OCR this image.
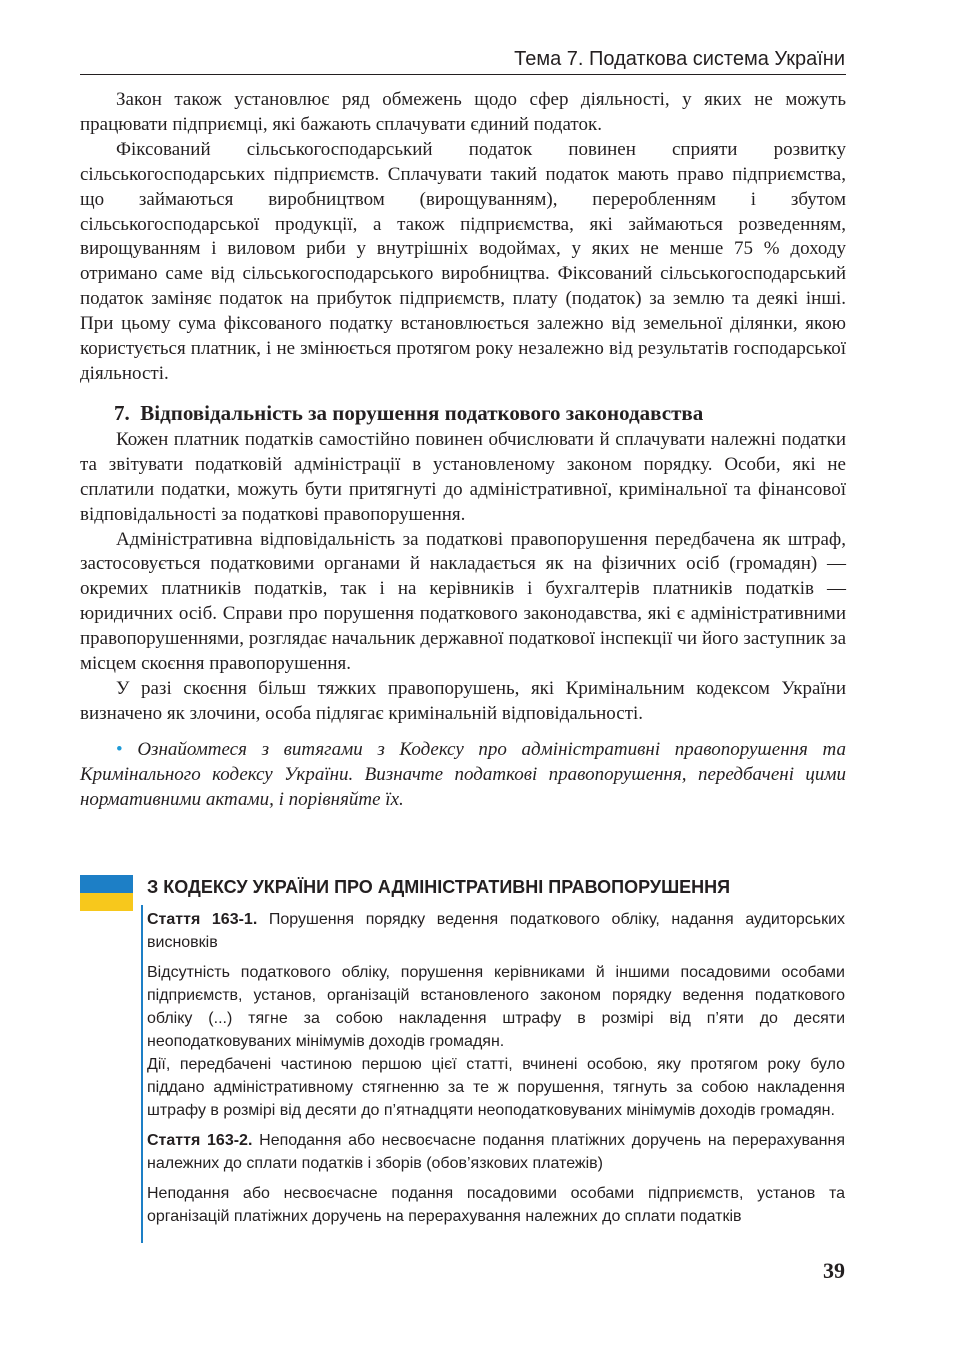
Тема 7. Податкова система України

Закон також установлює ряд обмежень щодо сфер діяльності, у яких не можуть працювати підприємці, які бажають сплачувати єдиний податок.

Фіксований сільськогосподарський податок повинен сприяти розвитку сільськогосподарських підприємств. Сплачувати такий податок мають право підприємства, що займаються виробництвом (вирощуванням), переробленням і збутом сільськогосподарської продукції, а також підприємства, які займаються розведенням, вирощуванням і виловом риби у внутрішніх водоймах, у яких не менше 75 % доходу отримано саме від сільськогосподарського виробництва. Фіксований сільськогосподарський податок заміняє податок на прибуток підприємств, плату (податок) за землю та деякі інші. При цьому сума фіксованого податку встановлюється залежно від земельної ділянки, якою користується платник, і не змінюється протягом року незалежно від результатів господарської діяльності.

7. Відповідальність за порушення податкового законодавства

Кожен платник податків самостійно повинен обчислювати й сплачувати належні податки та звітувати податковій адміністрації в установленому законом порядку. Особи, які не сплатили податки, можуть бути притягнуті до адміністративної, кримінальної та фінансової відповідальності за податкові правопорушення.

Адміністративна відповідальність за податкові правопорушення передбачена як штраф, застосовується податковими органами й накладається як на фізичних осіб (громадян) — окремих платників податків, так і на керівників і бухгалтерів платників податків — юридичних осіб. Справи про порушення податкового законодавства, які є адміністративними правопорушеннями, розглядає начальник державної податкової інспекції чи його заступник за місцем скоєння правопорушення.

У разі скоєння більш тяжких правопорушень, які Кримінальним кодексом України визначено як злочини, особа підлягає кримінальній відповідальності.

• Ознайомтеся з витягами з Кодексу про адміністративні правопорушення та Кримінального кодексу України. Визначте податкові правопорушення, передбачені цими нормативними актами, і порівняйте їх.

З КОДЕКСУ УКРАЇНИ ПРО АДМІНІСТРАТИВНІ ПРАВОПОРУШЕННЯ

Стаття 163-1. Порушення порядку ведення податкового обліку, надання аудиторських висновків

Відсутність податкового обліку, порушення керівниками й іншими посадовими особами підприємств, установ, організацій встановленого законом порядку ведення податкового обліку (...) тягне за собою накладення штрафу в розмірі від п’яти до десяти неоподатковуваних мінімумів доходів громадян.

Дії, передбачені частиною першою цієї статті, вчинені особою, яку протягом року було піддано адміністративному стягненню за те ж порушення, тягнуть за собою накладення штрафу в розмірі від десяти до п’ятнадцяти неоподатковуваних мінімумів доходів громадян.

Стаття 163-2. Неподання або несвоєчасне подання платіжних доручень на перерахування належних до сплати податків і зборів (обов’язкових платежів)

Неподання або несвоєчасне подання посадовими особами підприємств, установ та організацій платіжних доручень на перерахування належних до сплати податків

39
